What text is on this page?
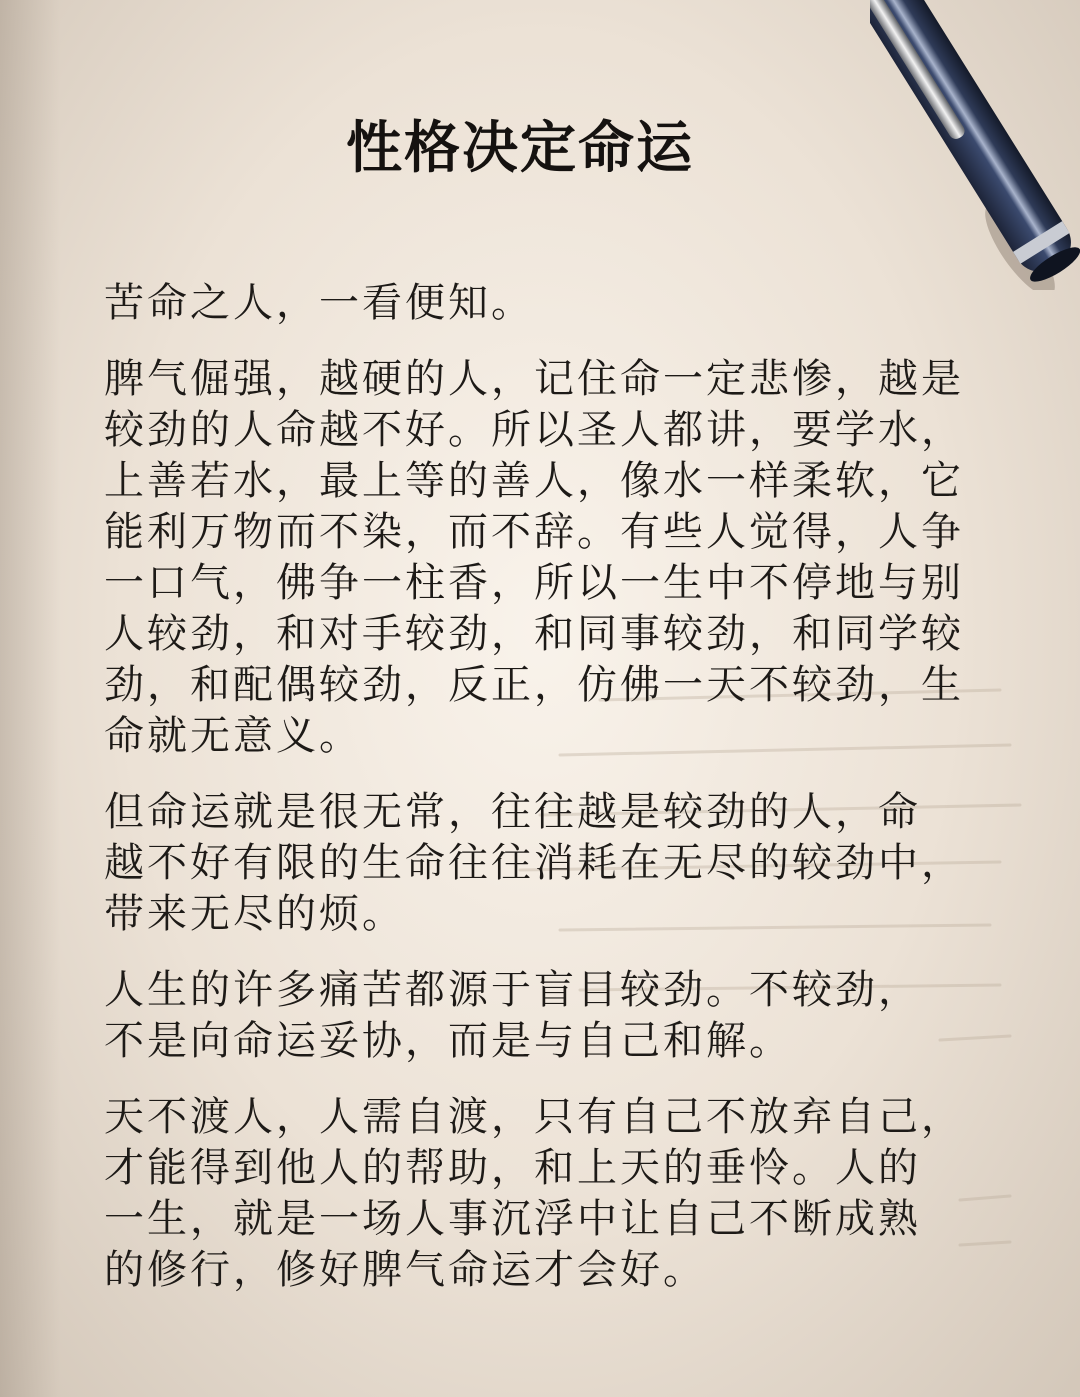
性格决定命运

苦命之人，一看便知。

脾气倔强，越硬的人，记住命一定悲惨，越是
较劲的人命越不好。所以圣人都讲，要学水，
上善若水，最上等的善人，像水一样柔软，它
能利万物而不染，而不辞。有些人觉得，人争
一口气，佛争一柱香，所以一生中不停地与别
人较劲，和对手较劲，和同事较劲，和同学较
劲，和配偶较劲，反正，仿佛一天不较劲，生
命就无意义。

但命运就是很无常，往往越是较劲的人，命
越不好有限的生命往往消耗在无尽的较劲中，
带来无尽的烦。

人生的许多痛苦都源于盲目较劲。不较劲，
不是向命运妥协，而是与自己和解。

天不渡人，人需自渡，只有自己不放弃自己，
才能得到他人的帮助，和上天的垂怜。人的
一生，就是一场人事沉浮中让自己不断成熟
的修行，修好脾气命运才会好。
